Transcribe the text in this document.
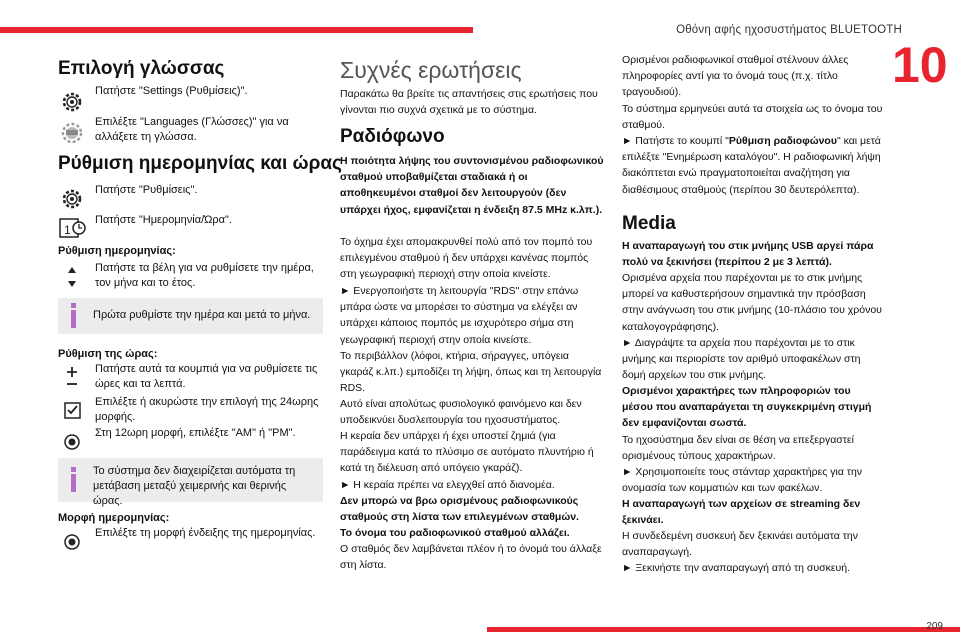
Οθόνη αφής ηχοσυστήματος BLUETOOTH
10
Επιλογή γλώσσας
Πατήστε "Settings (Ρυθμίσεις)".
Επιλέξτε "Languages (Γλώσσες)" για να αλλάξετε τη γλώσσα.
Ρύθμιση ημερομηνίας και ώρας
Πατήστε "Ρυθμίσεις".
1
Πατήστε "Ημερομηνία/Ώρα".
Ρύθμιση ημερομηνίας:
Πατήστε τα βέλη για να ρυθμίσετε την ημέρα, τον μήνα και το έτος.
Πρώτα ρυθμίστε την ημέρα και μετά το μήνα.
Ρύθμιση της ώρας:
Πατήστε αυτά τα κουμπιά για να ρυθμίσετε τις ώρες και τα λεπτά.
Επιλέξτε ή ακυρώστε την επιλογή της 24ωρης μορφής.
Στη 12ωρη μορφή, επιλέξτε "AM" ή "PM".
Το σύστημα δεν διαχειρίζεται αυτόματα τη μετάβαση μεταξύ χειμερινής και θερινής ώρας.
Μορφή ημερομηνίας:
Επιλέξτε τη μορφή ένδειξης της ημερομηνίας.
Συχνές ερωτήσεις
Παρακάτω θα βρείτε τις απαντήσεις στις ερωτήσεις που γίνονται πιο συχνά σχετικά με το σύστημα.
Ραδιόφωνο
Η ποιότητα λήψης του συντονισμένου ραδιοφωνικού σταθμού υποβαθμίζεται σταδιακά ή οι αποθηκευμένοι σταθμοί δεν λειτουργούν (δεν υπάρχει ήχος, εμφανίζεται η ένδειξη 87.5 MHz κ.λπ.).
Το όχημα έχει απομακρυνθεί πολύ από τον πομπό του επιλεγμένου σταθμού ή δεν υπάρχει κανένας πομπός στη γεωγραφική περιοχή στην οποία κινείστε.
► Ενεργοποιήστε τη λειτουργία "RDS" στην επάνω μπάρα ώστε να μπορέσει το σύστημα να ελέγξει αν υπάρχει κάποιος πομπός με ισχυρότερο σήμα στη γεωγραφική περιοχή στην οποία κινείστε.
Το περιβάλλον (λόφοι, κτήρια, σήραγγες, υπόγεια γκαράζ κ.λπ.) εμποδίζει τη λήψη, όπως και τη λειτουργία RDS.
Αυτό είναι απολύτως φυσιολογικό φαινόμενο και δεν υποδεικνύει δυσλειτουργία του ηχοσυστήματος.
Η κεραία δεν υπάρχει ή έχει υποστεί ζημιά (για παράδειγμα κατά το πλύσιμο σε αυτόματο πλυντήριο ή κατά τη διέλευση από υπόγειο γκαράζ).
► Η κεραία πρέπει να ελεγχθεί από διανομέα.
Δεν μπορώ να βρω ορισμένους ραδιοφωνικούς σταθμούς στη λίστα των επιλεγμένων σταθμών.
Το όνομα του ραδιοφωνικού σταθμού αλλάζει.
Ο σταθμός δεν λαμβάνεται πλέον ή το όνομά του άλλαξε στη λίστα.
Ορισμένοι ραδιοφωνικοί σταθμοί στέλνουν άλλες πληροφορίες αντί για το όνομά τους (π.χ. τίτλο τραγουδιού).
Το σύστημα ερμηνεύει αυτά τα στοιχεία ως το όνομα του σταθμού.
► Πατήστε το κουμπί "Ρύθμιση ραδιοφώνου" και μετά επιλέξτε "Ενημέρωση καταλόγου". Η ραδιοφωνική λήψη διακόπτεται ενώ πραγματοποιείται αναζήτηση για διαθέσιμους σταθμούς (περίπου 30 δευτερόλεπτα).
Media
Η αναπαραγωγή του στικ μνήμης USB αργεί πάρα πολύ να ξεκινήσει (περίπου 2 με 3 λεπτά).
Ορισμένα αρχεία που παρέχονται με το στικ μνήμης μπορεί να καθυστερήσουν σημαντικά την πρόσβαση στην ανάγνωση του στικ μνήμης (10-πλάσιο του χρόνου καταλογογράφησης).
► Διαγράψτε τα αρχεία που παρέχονται με το στικ μνήμης και περιορίστε τον αριθμό υποφακέλων στη δομή αρχείων του στικ μνήμης.
Ορισμένοι χαρακτήρες των πληροφοριών του μέσου που αναπαράγεται τη συγκεκριμένη στιγμή δεν εμφανίζονται σωστά.
Το ηχοσύστημα δεν είναι σε θέση να επεξεργαστεί ορισμένους τύπους χαρακτήρων.
► Χρησιμοποιείτε τους στάνταρ χαρακτήρες για την ονομασία των κομματιών και των φακέλων.
Η αναπαραγωγή των αρχείων σε streaming δεν ξεκινάει.
Η συνδεδεμένη συσκευή δεν ξεκινάει αυτόματα την αναπαραγωγή.
► Ξεκινήστε την αναπαραγωγή από τη συσκευή.
209
